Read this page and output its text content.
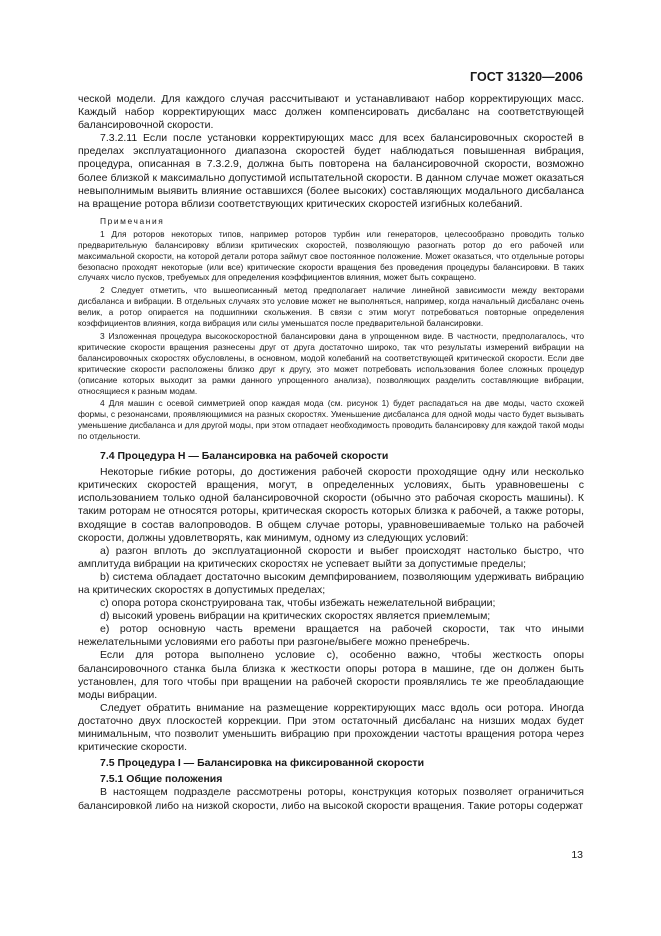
ГОСТ 31320—2006

ческой модели. Для каждого случая рассчитывают и устанавливают набор корректирующих масс. Каждый набор корректирующих масс должен компенсировать дисбаланс на соответствующей балансировочной скорости.

7.3.2.11 Если после установки корректирующих масс для всех балансировочных скоростей в пределах эксплуатационного диапазона скоростей будет наблюдаться повышенная вибрация, процедура, описанная в 7.3.2.9, должна быть повторена на балансировочной скорости, возможно более близкой к максимально допустимой испытательной скорости. В данном случае может оказаться невыполнимым выявить влияние оставшихся (более высоких) составляющих модального дисбаланса на вращение ротора вблизи соответствующих критических скоростей изгибных колебаний.

Примечания

1 Для роторов некоторых типов, например роторов турбин или генераторов, целесообразно проводить только предварительную балансировку вблизи критических скоростей, позволяющую разогнать ротор до его рабочей или максимальной скорости, на которой детали ротора займут свое постоянное положение. Может оказаться, что отдельные роторы безопасно проходят некоторые (или все) критические скорости вращения без проведения процедуры балансировки. В таких случаях число пусков, требуемых для определения коэффициентов влияния, может быть сокращено.

2 Следует отметить, что вышеописанный метод предполагает наличие линейной зависимости между векторами дисбаланса и вибрации. В отдельных случаях это условие может не выполняться, например, когда начальный дисбаланс очень велик, а ротор опирается на подшипники скольжения. В связи с этим могут потребоваться повторные определения коэффициентов влияния, когда вибрация или силы уменьшатся после предварительной балансировки.

3 Изложенная процедура высокоскоростной балансировки дана в упрощенном виде. В частности, предполагалось, что критические скорости вращения разнесены друг от друга достаточно широко, так что результаты измерений вибрации на балансировочных скоростях обусловлены, в основном, модой колебаний на соответствующей критической скорости. Если две критические скорости расположены близко друг к другу, это может потребовать использования более сложных процедур (описание которых выходит за рамки данного упрощенного анализа), позволяющих разделить составляющие вибрации, относящиеся к разным модам.

4 Для машин с осевой симметрией опор каждая мода (см. рисунок 1) будет распадаться на две моды, часто схожей формы, с резонансами, проявляющимися на разных скоростях. Уменьшение дисбаланса для одной моды часто будет вызывать уменьшение дисбаланса и для другой моды, при этом отпадает необходимость проводить балансировку для каждой такой моды по отдельности.

7.4 Процедура H — Балансировка на рабочей скорости

Некоторые гибкие роторы, до достижения рабочей скорости проходящие одну или несколько критических скоростей вращения, могут, в определенных условиях, быть уравновешены с использованием только одной балансировочной скорости (обычно это рабочая скорость машины). К таким роторам не относятся роторы, критическая скорость которых близка к рабочей, а также роторы, входящие в состав валопроводов. В общем случае роторы, уравновешиваемые только на рабочей скорости, должны удовлетворять, как минимум, одному из следующих условий:

а) разгон вплоть до эксплуатационной скорости и выбег происходят настолько быстро, что амплитуда вибрации на критических скоростях не успевает выйти за допустимые пределы;

b) система обладает достаточно высоким демпфированием, позволяющим удерживать вибрацию на критических скоростях в допустимых пределах;

c) опора ротора сконструирована так, чтобы избежать нежелательной вибрации;

d) высокий уровень вибрации на критических скоростях является приемлемым;

e) ротор основную часть времени вращается на рабочей скорости, так что иными нежелательными условиями его работы при разгоне/выбеге можно пренебречь.

Если для ротора выполнено условие c), особенно важно, чтобы жесткость опоры балансировочного станка была близка к жесткости опоры ротора в машине, где он должен быть установлен, для того чтобы при вращении на рабочей скорости проявлялись те же преобладающие моды вибрации.

Следует обратить внимание на размещение корректирующих масс вдоль оси ротора. Иногда достаточно двух плоскостей коррекции. При этом остаточный дисбаланс на низших модах будет минимальным, что позволит уменьшить вибрацию при прохождении частоты вращения ротора через критические скорости.

7.5 Процедура I — Балансировка на фиксированной скорости

7.5.1 Общие положения

В настоящем подразделе рассмотрены роторы, конструкция которых позволяет ограничиться балансировкой либо на низкой скорости, либо на высокой скорости вращения. Такие роторы содержат

13
